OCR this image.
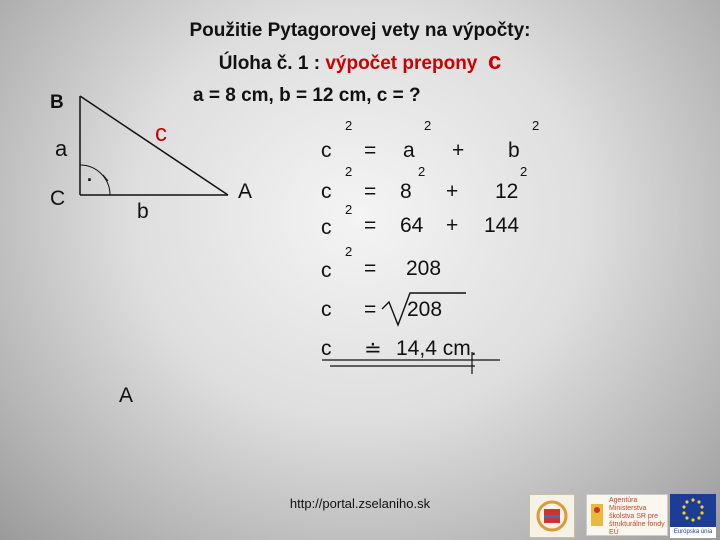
Použitie Pytagorovej vety na výpočty:
Úloha č. 1 : výpočet prepony c
a = 8 cm, b = 12 cm, c = ?
B
a
C
c
.
b
A
A
c
2
= a
2
+ b
2
c
2
= 8
2
+ 12
2
c
2
= 64 + 144
c
2
= 208
c = 208
c ≐ 14,4 cm.
http://portal.zselaniho.sk	Agentúra Ministerstva školstva SR pre štrukturálne fondy EÚ	Európska únia
